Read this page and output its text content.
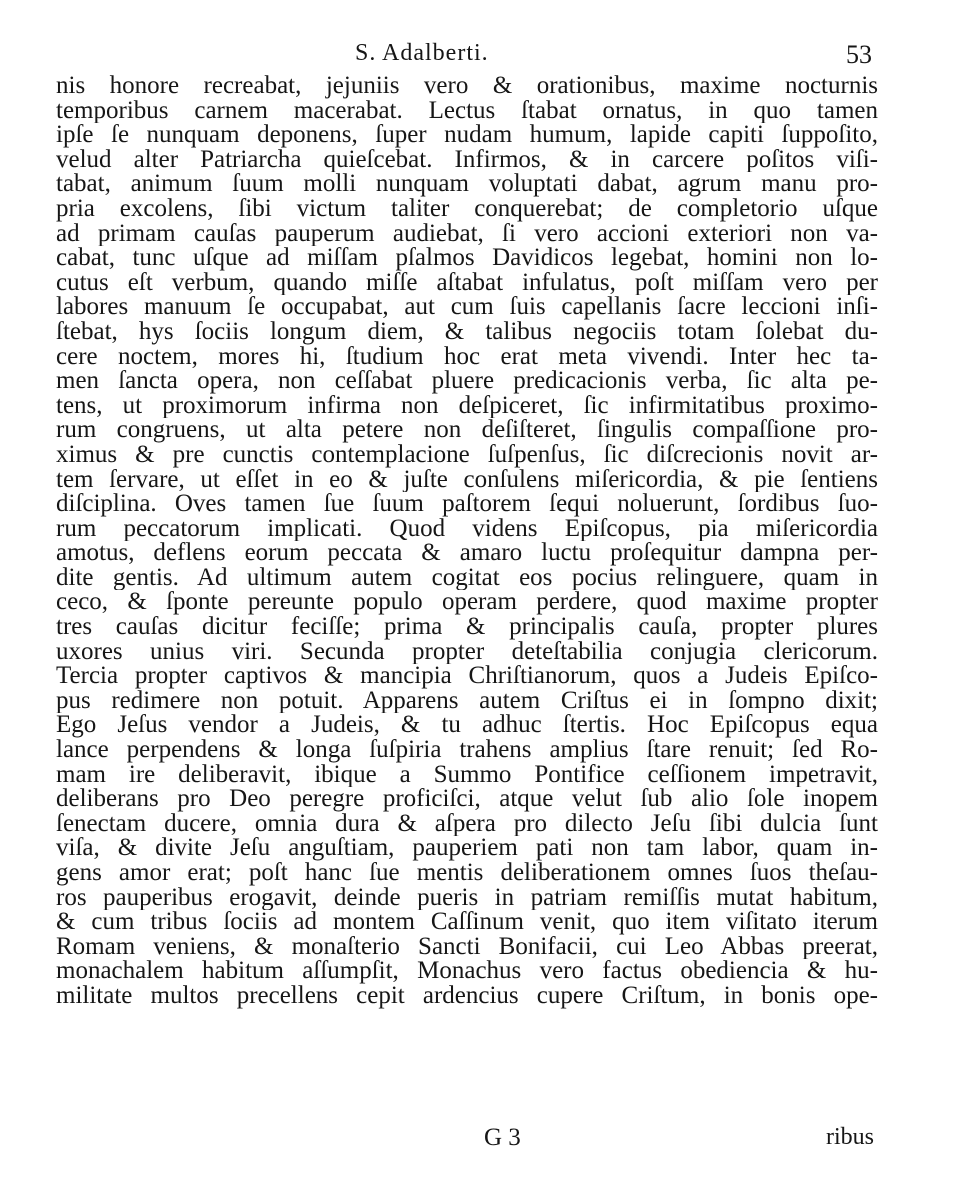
S. Adalberti.	53
nis honore recreabat, jejuniis vero & orationibus, maxime nocturnis
temporibus carnem macerabat. Lectus ſtabat ornatus, in quo tamen
ipſe ſe nunquam deponens, ſuper nudam humum, lapide capiti ſuppoſito,
velud alter Patriarcha quieſcebat. Infirmos, & in carcere poſitos viſi-
tabat, animum ſuum molli nunquam voluptati dabat, agrum manu pro-
pria excolens, ſibi victum taliter conquerebat; de completorio uſque
ad primam cauſas pauperum audiebat, ſi vero accioni exteriori non va-
cabat, tunc uſque ad miſſam pſalmos Davidicos legebat, homini non lo-
cutus eſt verbum, quando miſſe aſtabat infulatus, poſt miſſam vero per
labores manuum ſe occupabat, aut cum ſuis capellanis ſacre leccioni inſi-
ſtebat, hys ſociis longum diem, & talibus negociis totam ſolebat du-
cere noctem, mores hi, ſtudium hoc erat meta vivendi. Inter hec ta-
men ſancta opera, non ceſſabat pluere predicacionis verba, ſic alta pe-
tens, ut proximorum infirma non deſpiceret, ſic infirmitatibus proximo-
rum congruens, ut alta petere non deſiſteret, ſingulis compaſſione pro-
ximus & pre cunctis contemplacione ſuſpenſus, ſic diſcrecionis novit ar-
tem ſervare, ut eſſet in eo & juſte conſulens miſericordia, & pie ſentiens
diſciplina. Oves tamen ſue ſuum paſtorem ſequi noluerunt, ſordibus ſuo-
rum peccatorum implicati. Quod videns Epiſcopus, pia miſericordia
amotus, deflens eorum peccata & amaro luctu proſequitur dampna per-
dite gentis. Ad ultimum autem cogitat eos pocius relinguere, quam in
ceco, & ſponte pereunte populo operam perdere, quod maxime propter
tres cauſas dicitur feciſſe; prima & principalis cauſa, propter plures
uxores unius viri. Secunda propter deteſtabilia conjugia clericorum.
Tercia propter captivos & mancipia Chriſtianorum, quos a Judeis Epiſco-
pus redimere non potuit. Apparens autem Criſtus ei in ſompno dixit;
Ego Jeſus vendor a Judeis, & tu adhuc ſtertis. Hoc Epiſcopus equa
lance perpendens & longa ſuſpiria trahens amplius ſtare renuit; ſed Ro-
mam ire deliberavit, ibique a Summo Pontifice ceſſionem impetravit,
deliberans pro Deo peregre proficiſci, atque velut ſub alio ſole inopem
ſenectam ducere, omnia dura & aſpera pro dilecto Jeſu ſibi dulcia ſunt
viſa, & divite Jeſu anguſtiam, pauperiem pati non tam labor, quam in-
gens amor erat; poſt hanc ſue mentis deliberationem omnes ſuos theſau-
ros pauperibus erogavit, deinde pueris in patriam remiſſis mutat habitum,
& cum tribus ſociis ad montem Caſſinum venit, quo item viſitato iterum
Romam veniens, & monaſterio Sancti Bonifacii, cui Leo Abbas preerat,
monachalem habitum aſſumpſit, Monachus vero factus obediencia & hu-
militate multos precellens cepit ardencius cupere Criſtum, in bonis ope-
G 3	ribus
